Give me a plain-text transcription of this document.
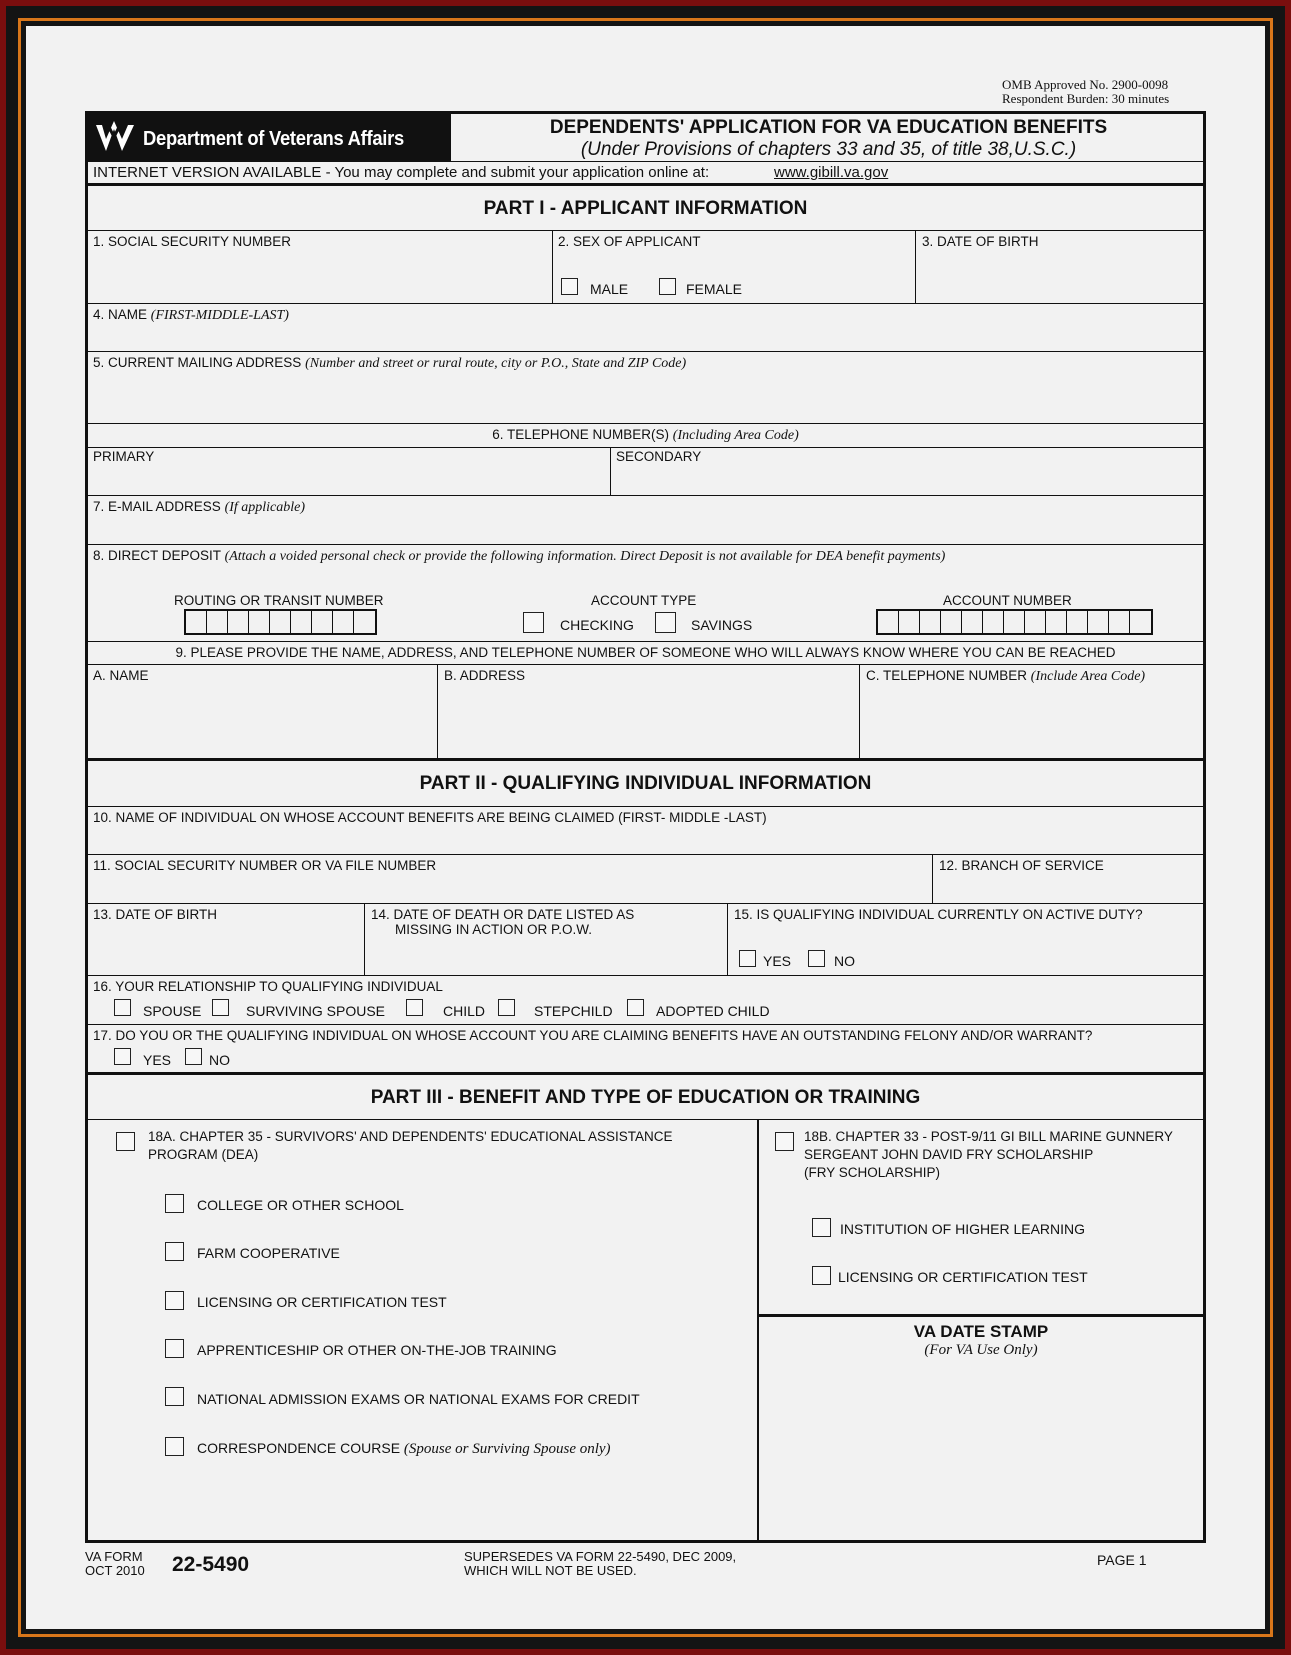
OMB Approved No. 2900-0098
Respondent Burden: 30 minutes
Department of Veterans Affairs
DEPENDENTS' APPLICATION FOR VA EDUCATION BENEFITS
(Under Provisions of chapters 33 and 35, of title 38,U.S.C.)
INTERNET VERSION AVAILABLE - You may complete and submit your application online at:	www.gibill.va.gov
PART I - APPLICANT INFORMATION
1. SOCIAL SECURITY NUMBER	2. SEX OF APPLICANT
MALE	FEMALE
3. DATE OF BIRTH
4. NAME (FIRST-MIDDLE-LAST)
5. CURRENT MAILING ADDRESS (Number and street or rural route, city or P.O., State and ZIP Code)
6. TELEPHONE NUMBER(S) (Including Area Code)
PRIMARY	SECONDARY
7. E-MAIL ADDRESS (If applicable)
8. DIRECT DEPOSIT (Attach a voided personal check or provide the following information. Direct Deposit is not available for DEA benefit payments)
ROUTING OR TRANSIT NUMBER	ACCOUNT TYPE
CHECKING	SAVINGS
ACCOUNT NUMBER
9. PLEASE PROVIDE THE NAME, ADDRESS, AND TELEPHONE NUMBER OF SOMEONE WHO WILL ALWAYS KNOW WHERE YOU CAN BE REACHED
A. NAME	B. ADDRESS	C. TELEPHONE NUMBER (Include Area Code)
PART II - QUALIFYING INDIVIDUAL INFORMATION
10. NAME OF INDIVIDUAL ON WHOSE ACCOUNT BENEFITS ARE BEING CLAIMED (FIRST- MIDDLE -LAST)
11. SOCIAL SECURITY NUMBER OR VA FILE NUMBER	12. BRANCH OF SERVICE
13. DATE OF BIRTH	14. DATE OF DEATH OR DATE LISTED AS
MISSING IN ACTION OR P.O.W.
15. IS QUALIFYING INDIVIDUAL CURRENTLY ON ACTIVE DUTY?
YES	NO
16. YOUR RELATIONSHIP TO QUALIFYING INDIVIDUAL
SPOUSE	SURVIVING SPOUSE	CHILD	STEPCHILD	ADOPTED CHILD
17. DO YOU OR THE QUALIFYING INDIVIDUAL ON WHOSE ACCOUNT YOU ARE CLAIMING BENEFITS HAVE AN OUTSTANDING FELONY AND/OR WARRANT?
YES	NO
PART III - BENEFIT AND TYPE OF EDUCATION OR TRAINING
18A. CHAPTER 35 - SURVIVORS' AND DEPENDENTS' EDUCATIONAL ASSISTANCE
PROGRAM (DEA)
COLLEGE OR OTHER SCHOOL
FARM COOPERATIVE
LICENSING OR CERTIFICATION TEST
APPRENTICESHIP OR OTHER ON-THE-JOB TRAINING
NATIONAL ADMISSION EXAMS OR NATIONAL EXAMS FOR CREDIT
CORRESPONDENCE COURSE (Spouse or Surviving Spouse only)
18B. CHAPTER 33 - POST-9/11 GI BILL MARINE GUNNERY
SERGEANT JOHN DAVID FRY SCHOLARSHIP
(FRY SCHOLARSHIP)
INSTITUTION OF HIGHER LEARNING
LICENSING OR CERTIFICATION TEST
VA DATE STAMP
(For VA Use Only)
VA FORM
OCT 2010 22-5490	SUPERSEDES VA FORM 22-5490, DEC 2009,
WHICH WILL NOT BE USED.
PAGE 1
